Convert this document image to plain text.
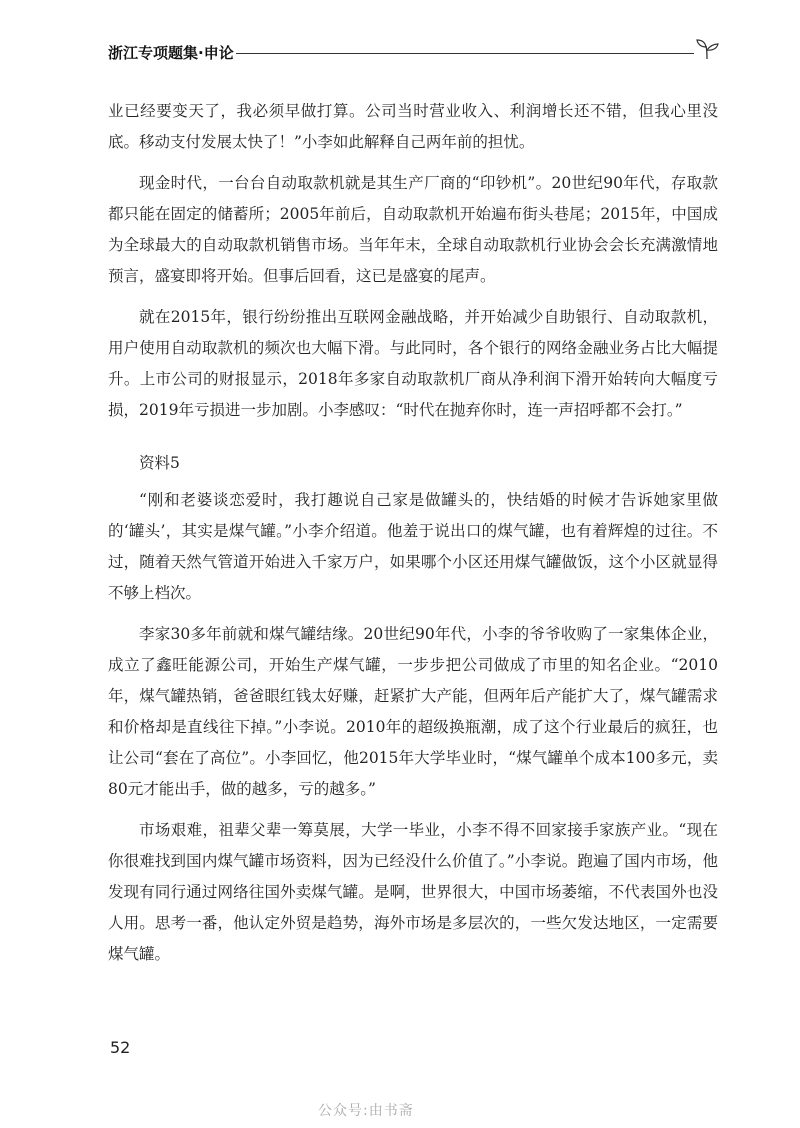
浙江专项题集·申论

业已经要变天了，我必须早做打算。公司当时营业收入、利润增长还不错，但我心里没底。移动支付发展太快了！”小李如此解释自己两年前的担忧。

现金时代，一台台自动取款机就是其生产厂商的“印钞机”。20世纪90年代，存取款都只能在固定的储蓄所；2005年前后，自动取款机开始遍布街头巷尾；2015年，中国成为全球最大的自动取款机销售市场。当年年末，全球自动取款机行业协会会长充满激情地预言，盛宴即将开始。但事后回看，这已是盛宴的尾声。

就在2015年，银行纷纷推出互联网金融战略，并开始减少自助银行、自动取款机，用户使用自动取款机的频次也大幅下滑。与此同时，各个银行的网络金融业务占比大幅提升。上市公司的财报显示，2018年多家自动取款机厂商从净利润下滑开始转向大幅度亏损，2019年亏损进一步加剧。小李感叹：“时代在抛弃你时，连一声招呼都不会打。”

资料5

“刚和老婆谈恋爱时，我打趣说自己家是做罐头的，快结婚的时候才告诉她家里做的‘罐头’，其实是煤气罐。”小李介绍道。他羞于说出口的煤气罐，也有着辉煌的过往。不过，随着天然气管道开始进入千家万户，如果哪个小区还用煤气罐做饭，这个小区就显得不够上档次。

李家30多年前就和煤气罐结缘。20世纪90年代，小李的爷爷收购了一家集体企业，成立了鑫旺能源公司，开始生产煤气罐，一步步把公司做成了市里的知名企业。“2010年，煤气罐热销，爸爸眼红钱太好赚，赶紧扩大产能，但两年后产能扩大了，煤气罐需求和价格却是直线往下掉。”小李说。2010年的超级换瓶潮，成了这个行业最后的疯狂，也让公司“套在了高位”。小李回忆，他2015年大学毕业时，“煤气罐单个成本100多元，卖80元才能出手，做的越多，亏的越多。”

市场艰难，祖辈父辈一筹莫展，大学一毕业，小李不得不回家接手家族产业。“现在你很难找到国内煤气罐市场资料，因为已经没什么价值了。”小李说。跑遍了国内市场，他发现有同行通过网络往国外卖煤气罐。是啊，世界很大，中国市场萎缩，不代表国外也没人用。思考一番，他认定外贸是趋势，海外市场是多层次的，一些欠发达地区，一定需要煤气罐。

52
公众号:由书斋
